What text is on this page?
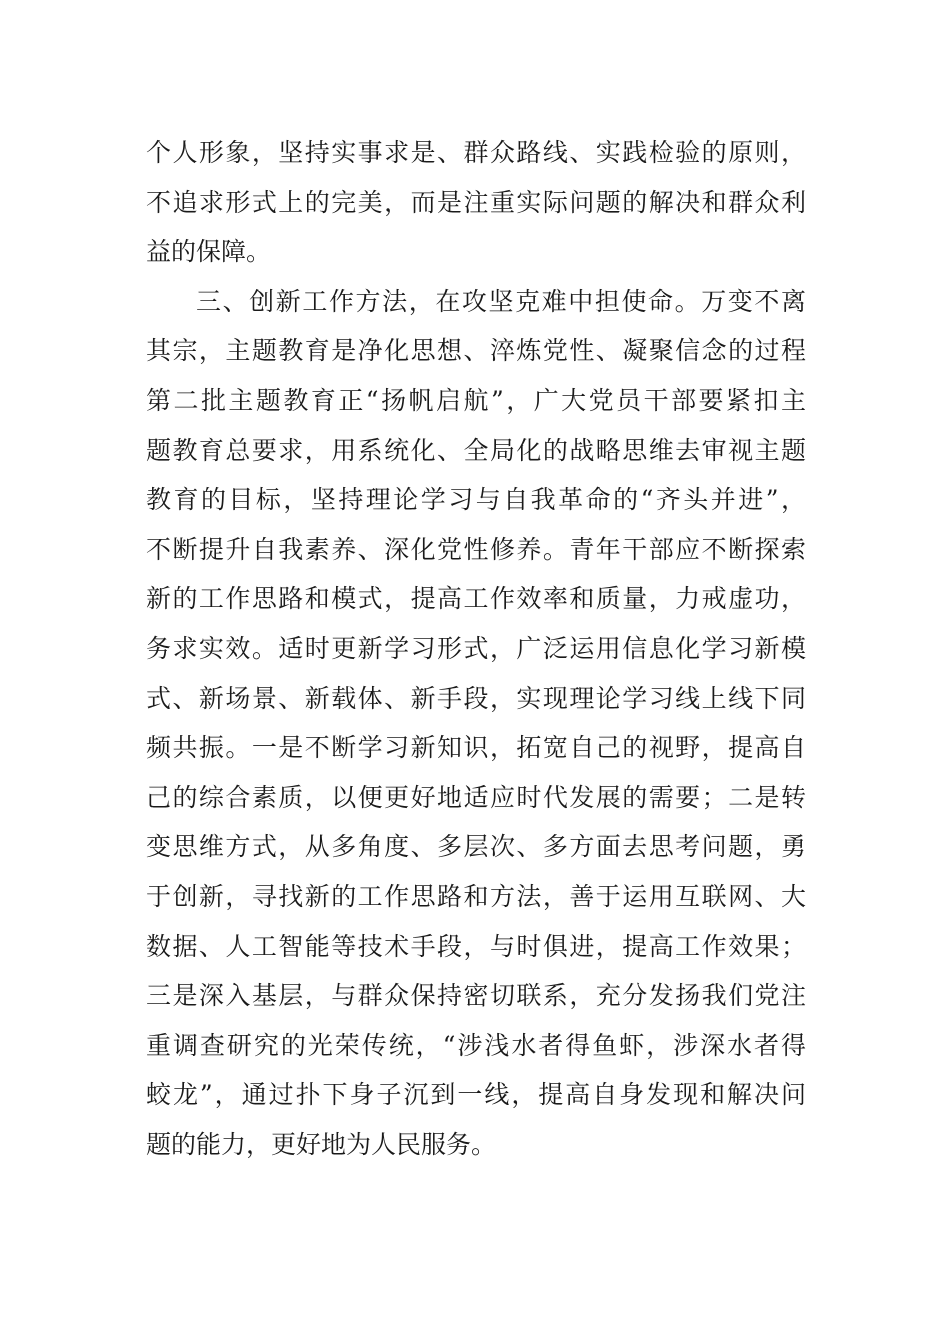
个人形象，坚持实事求是、群众路线、实践检验的原则，
不追求形式上的完美，而是注重实际问题的解决和群众利
益的保障。
三、创新工作方法，在攻坚克难中担使命。万变不离
其宗，主题教育是净化思想、淬炼党性、凝聚信念的过程
第二批主题教育正“扬帆启航”，广大党员干部要紧扣主
题教育总要求，用系统化、全局化的战略思维去审视主题
教育的目标，坚持理论学习与自我革命的“齐头并进”，
不断提升自我素养、深化党性修养。青年干部应不断探索
新的工作思路和模式，提高工作效率和质量，力戒虚功，
务求实效。适时更新学习形式，广泛运用信息化学习新模
式、新场景、新载体、新手段，实现理论学习线上线下同
频共振。一是不断学习新知识，拓宽自己的视野，提高自
己的综合素质，以便更好地适应时代发展的需要；二是转
变思维方式，从多角度、多层次、多方面去思考问题，勇
于创新，寻找新的工作思路和方法，善于运用互联网、大
数据、人工智能等技术手段，与时俱进，提高工作效果；
三是深入基层，与群众保持密切联系，充分发扬我们党注
重调查研究的光荣传统，“涉浅水者得鱼虾，涉深水者得
蛟龙”，通过扑下身子沉到一线，提高自身发现和解决问
题的能力，更好地为人民服务。
